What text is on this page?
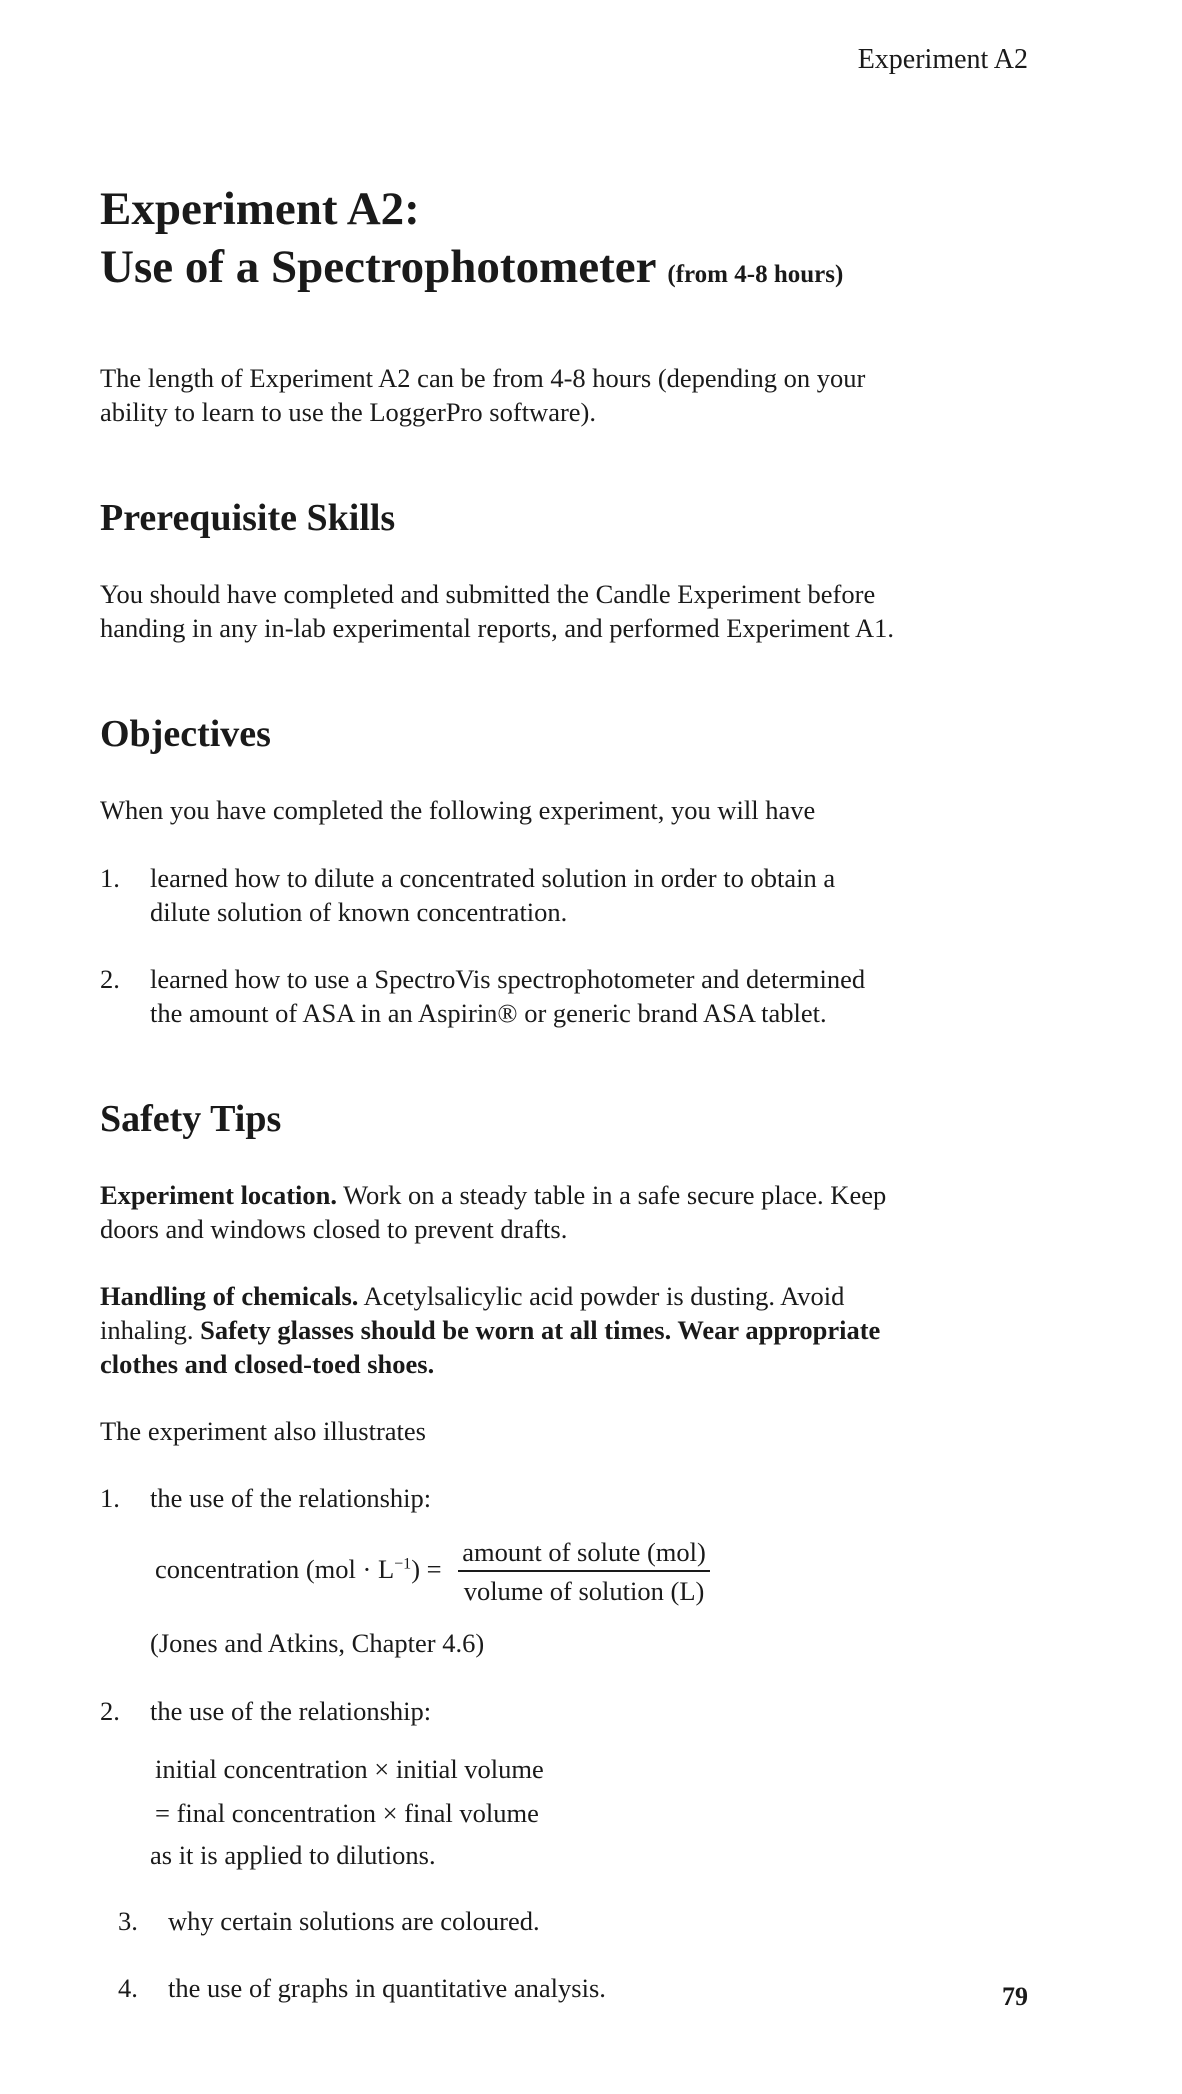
Experiment A2
Experiment A2:
Use of a Spectrophotometer (from 4-8 hours)
The length of Experiment A2 can be from 4-8 hours (depending on your
ability to learn to use the LoggerPro software).
Prerequisite Skills
You should have completed and submitted the Candle Experiment before
handing in any in-lab experimental reports, and performed Experiment A1.
Objectives
When you have completed the following experiment, you will have
1. learned how to dilute a concentrated solution in order to obtain a
dilute solution of known concentration.
2. learned how to use a SpectroVis spectrophotometer and determined
the amount of ASA in an Aspirin® or generic brand ASA tablet.
Safety Tips
Experiment location. Work on a steady table in a safe secure place. Keep
doors and windows closed to prevent drafts.
Handling of chemicals. Acetylsalicylic acid powder is dusting. Avoid
inhaling. Safety glasses should be worn at all times. Wear appropriate
clothes and closed-toed shoes.
The experiment also illustrates
1. the use of the relationship:
concentration $(mol \cdot L^{-1}) = \frac{\text{amount of solute (mol)}}{\text{volume of solution (L)}}$
(Jones and Atkins, Chapter 4.6)
2. the use of the relationship:
initial concentration × initial volume
= final concentration × final volume
as it is applied to dilutions.
3. why certain solutions are coloured.
4. the use of graphs in quantitative analysis.	79
